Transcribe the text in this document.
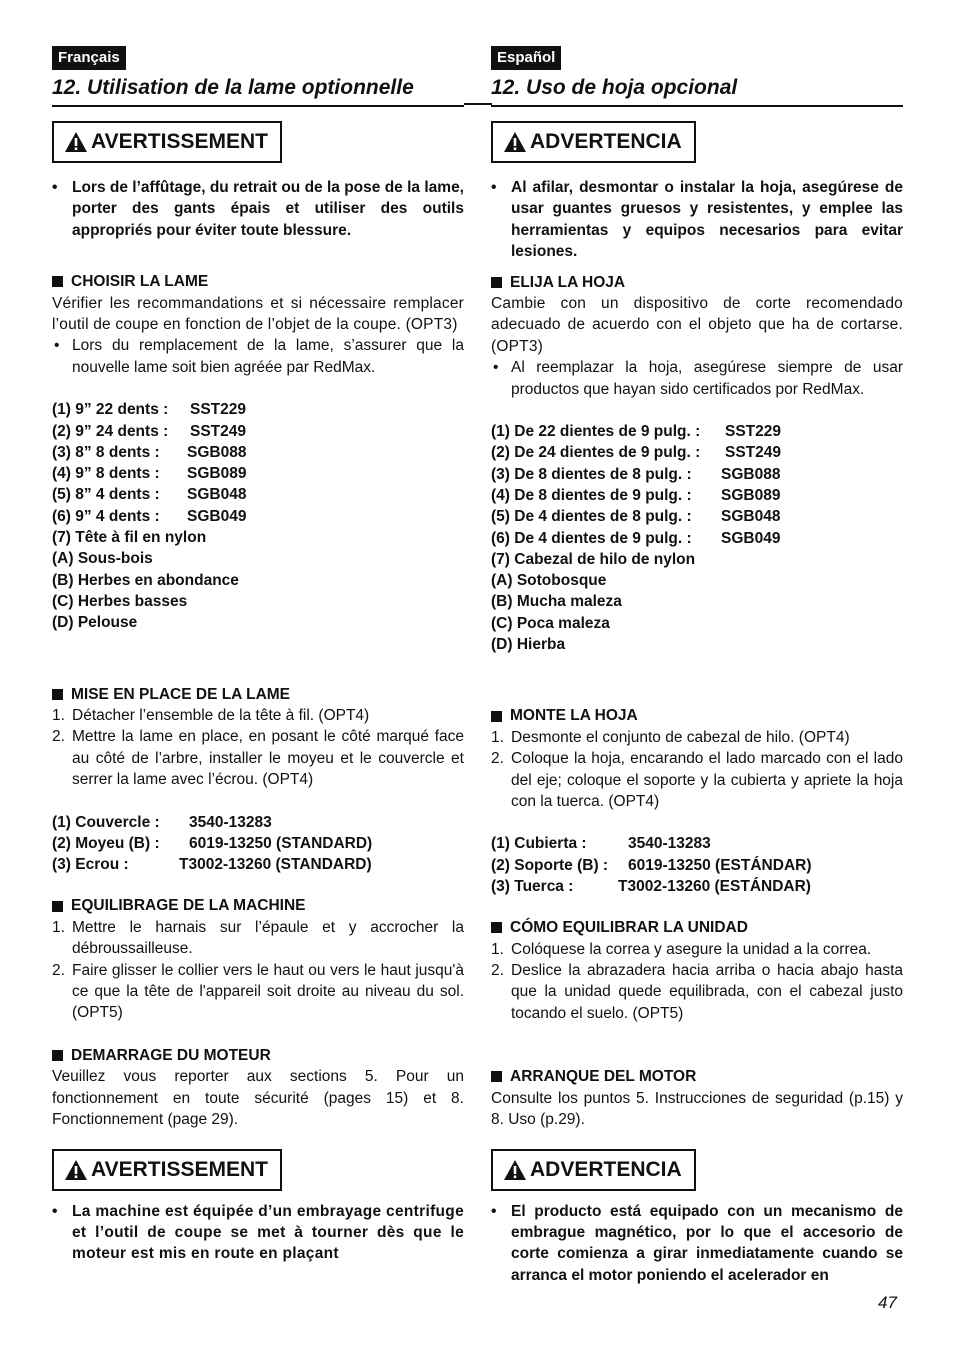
Français
12. Utilisation de la lame optionnelle
AVERTISSEMENT
• Lors de l’affûtage, du retrait ou de la pose de la lame, porter des gants épais et utiliser des outils appropriés pour éviter toute blessure.
CHOISIR LA LAME

Vérifier les recommandations et si nécessaire remplacer l’outil de coupe en fonction de l’objet de la coupe. (OPT3)

• Lors du remplacement de la lame, s’assurer que la nouvelle lame soit bien agréée par RedMax.
(1) 9” 22 dents :	SST229
(2) 9” 24 dents :	SST249
(3) 8” 8 dents :	SGB088
(4) 9” 8 dents :	SGB089
(5) 8” 4 dents :	SGB048
(6) 9” 4 dents :	SGB049
(7) Tête à fil en nylon
(A) Sous-bois
(B) Herbes en abondance
(C) Herbes basses
(D) Pelouse
MISE EN PLACE DE LA LAME
1. Détacher l’ensemble de la tête à fil. (OPT4)
2. Mettre la lame en place, en posant le côté marqué face au côté de l’arbre, installer le moyeu et le couvercle et serrer la lame avec l’écrou. (OPT4)
(1) Couvercle :	3540-13283
(2) Moyeu (B) :	6019-13250 (STANDARD)
(3) Ecrou :	T3002-13260 (STANDARD)
EQUILIBRAGE DE LA MACHINE
1. Mettre le harnais sur l’épaule et y accrocher la débroussailleuse.
2. Faire glisser le collier vers le haut ou vers le haut jusqu'à ce que la tête de l'appareil soit droite au niveau du sol. (OPT5)
DEMARRAGE DU MOTEUR

Veuillez vous reporter aux sections 5. Pour un fonctionnement en toute sécurité (pages 15) et 8. Fonctionnement (page 29).

AVERTISSEMENT
• La machine est équipée d’un embrayage centrifuge et l’outil de coupe se met à tourner dès que le moteur est mis en route en plaçant
Español
12. Uso de hoja opcional
ADVERTENCIA
• Al afilar, desmontar o instalar la hoja, asegúrese de usar guantes gruesos y resistentes, y emplee las herramientas y equipos necesarios para evitar lesiones.
ELIJA LA HOJA

Cambie con un dispositivo de corte recomendado adecuado de acuerdo con el objeto que ha de cortarse. (OPT3)

• Al reemplazar la hoja, asegúrese siempre de usar productos que hayan sido certificados por RedMax.
(1) De 22 dientes de 9 pulg. :	SST229
(2) De 24 dientes de 9 pulg. :	SST249
(3) De 8 dientes de 8 pulg. :	SGB088
(4) De 8 dientes de 9 pulg. :	SGB089
(5) De 4 dientes de 8 pulg. :	SGB048
(6) De 4 dientes de 9 pulg. :	SGB049
(7) Cabezal de hilo de nylon
(A) Sotobosque
(B) Mucha maleza
(C) Poca maleza
(D) Hierba
MONTE LA HOJA
1. Desmonte el conjunto de cabezal de hilo. (OPT4)
2. Coloque la hoja, encarando el lado marcado con el lado del eje; coloque el soporte y la cubierta y apriete la hoja con la tuerca. (OPT4)
(1) Cubierta :	3540-13283
(2) Soporte (B) :	6019-13250 (ESTÁNDAR)
(3) Tuerca :	T3002-13260 (ESTÁNDAR)
CÓMO EQUILIBRAR LA UNIDAD
1. Colóquese la correa y asegure la unidad a la correa.
2. Deslice la abrazadera hacia arriba o hacia abajo hasta que la unidad quede equilibrada, con el cabezal justo tocando el suelo. (OPT5)
ARRANQUE DEL MOTOR

Consulte los puntos 5. Instrucciones de seguridad (p.15) y 8. Uso (p.29).

ADVERTENCIA
• El producto está equipado con un mecanismo de embrague magnético, por lo que el accesorio de corte comienza a girar inmediatamente cuando se arranca el motor poniendo el acelerador en
47
